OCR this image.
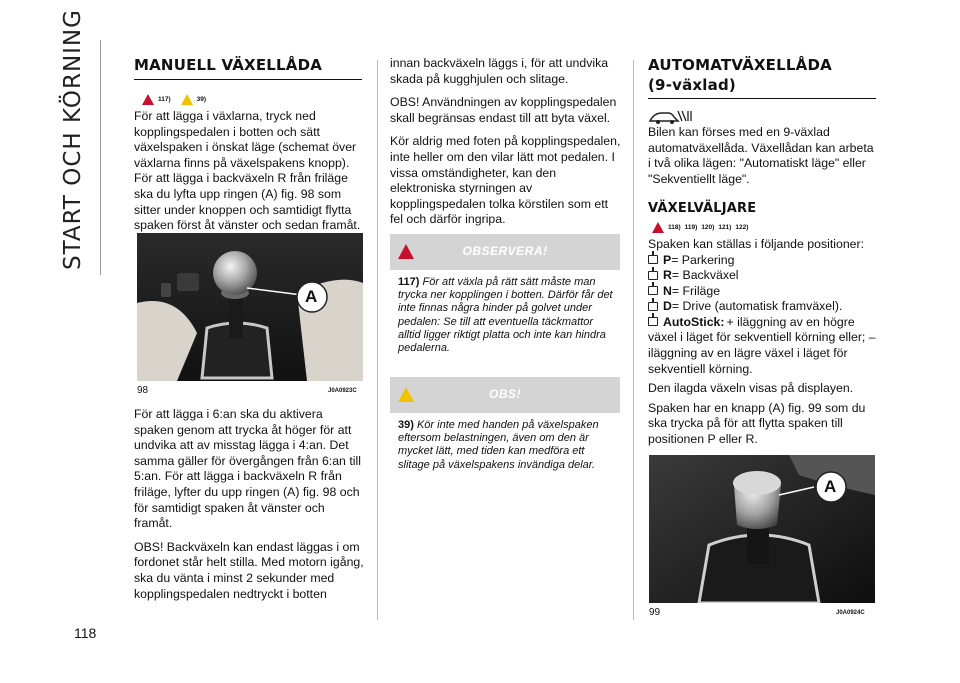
START OCH KÖRNING
118
MANUELL VÄXELLÅDA
117)	39)

För att lägga i växlarna, tryck ned kopplingspedalen i botten och sätt växelspaken i önskat läge (schemat över växlarna finns på växelspakens knopp). För att lägga i backväxeln R från friläge ska du lyfta upp ringen (A) fig. 98 som sitter under knoppen och samtidigt flytta spaken först åt vänster och sedan framåt.

A
98	J0A0923C

För att lägga i 6:an ska du aktivera spaken genom att trycka åt höger för att undvika att av misstag lägga i 4:an. Det samma gäller för övergången från 6:an till 5:an. För att lägga i backväxeln R från friläge, lyfter du upp ringen (A) fig. 98 och för samtidigt spaken åt vänster och framåt.

OBS! Backväxeln kan endast läggas i om fordonet står helt stilla. Med motorn igång, ska du vänta i minst 2 sekunder med kopplingspedalen nedtryckt i botten

innan backväxeln läggs i, för att undvika skada på kugghjulen och slitage.

OBS! Användningen av kopplingspedalen skall begränsas endast till att byta växel.

Kör aldrig med foten på kopplingspedalen, inte heller om den vilar lätt mot pedalen. I vissa omständigheter, kan den elektroniska styrningen av kopplingspedalen tolka körstilen som ett fel och därför ingripa.

OBSERVERA!
117) För att växla på rätt sätt måste man trycka ner kopplingen i botten. Därför får det inte finnas några hinder på golvet under pedalen: Se till att eventuella täckmattor alltid ligger riktigt platta och inte kan hindra pedalerna.
OBS!
39) Kör inte med handen på växelspaken eftersom belastningen, även om den är mycket lätt, med tiden kan medföra ett slitage på växelspakens invändiga delar.
AUTOMATVÄXELLÅDA
(9-växlad)

Bilen kan förses med en 9-växlad automatväxellåda. Växellådan kan arbeta i två olika lägen: "Automatiskt läge" eller "Sekventiellt läge".

VÄXELVÄLJARE
118) 119) 120) 121) 122)

Spaken kan ställas i följande positioner:

P = Parkering
R = Backväxel
N = Friläge
D = Drive (automatisk framväxel).
AutoStick: + iläggning av en högre

växel i läget för sekventiell körning eller; – iläggning av en lägre växel i läget för sekventiell körning.

Den ilagda växeln visas på displayen.

Spaken har en knapp (A) fig. 99 som du ska trycka på för att flytta spaken till positionen P eller R.

A
99	J0A0924C
